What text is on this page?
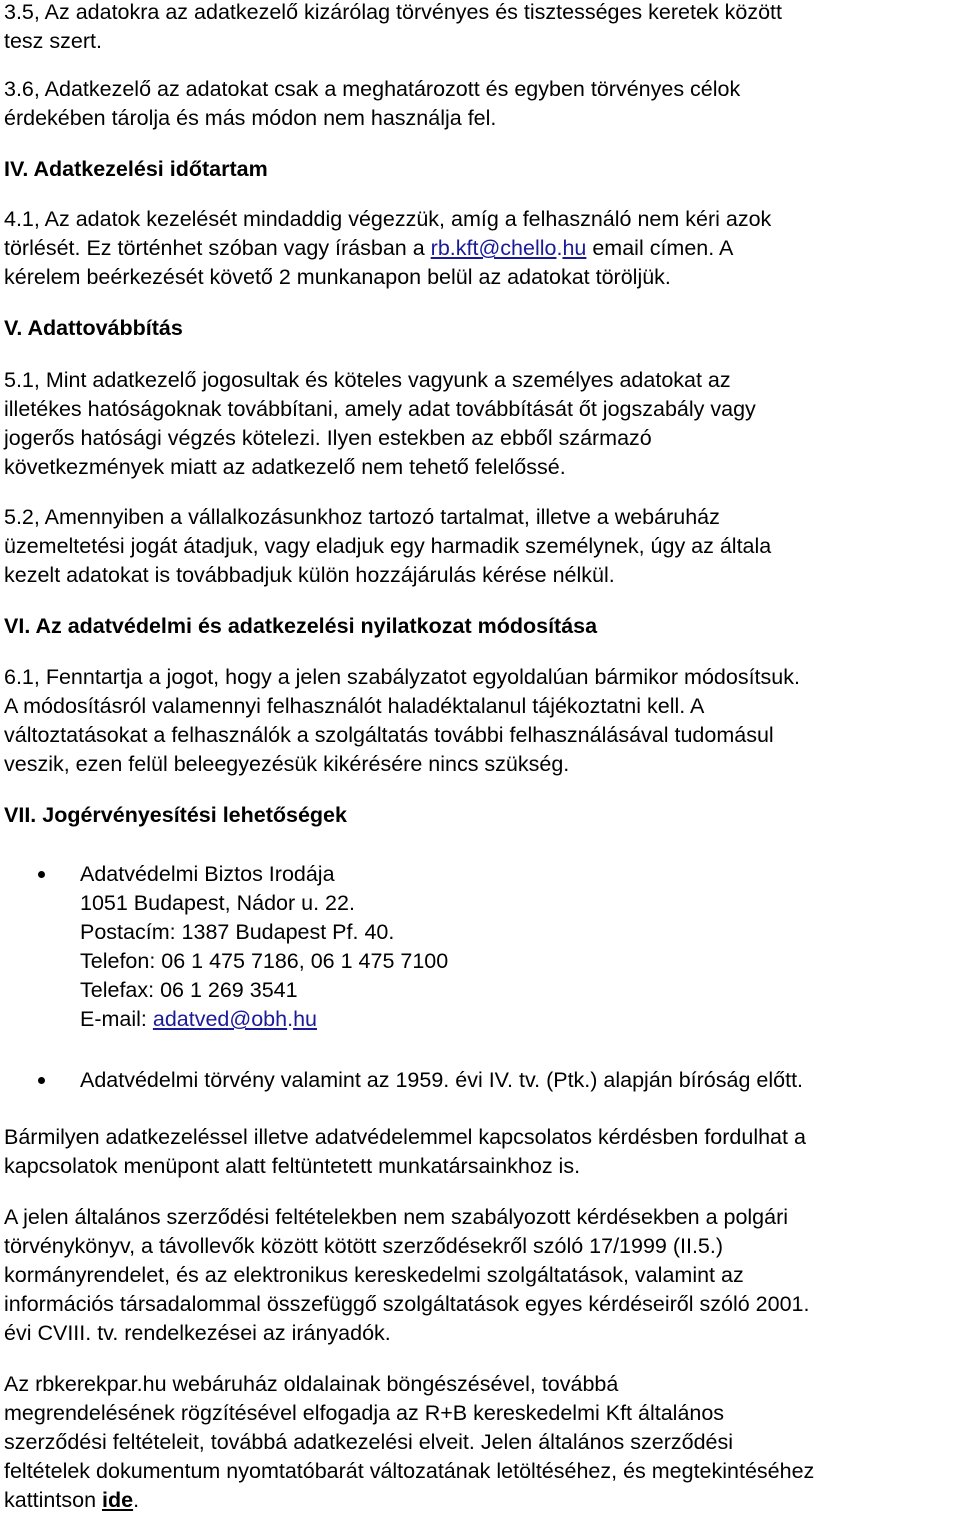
3.5, Az adatokra az adatkezelő kizárólag törvényes és tisztességes keretek között
tesz szert.

3.6, Adatkezelő az adatokat csak a meghatározott és egyben törvényes célok
érdekében tárolja és más módon nem használja fel.

IV. Adatkezelési időtartam

4.1, Az adatok kezelését mindaddig végezzük, amíg a felhasználó nem kéri azok
törlését. Ez történhet szóban vagy írásban a rb.kft@chello.hu email címen. A
kérelem beérkezését követő 2 munkanapon belül az adatokat töröljük.

V. Adattovábbítás

5.1, Mint adatkezelő jogosultak és köteles vagyunk a személyes adatokat az
illetékes hatóságoknak továbbítani, amely adat továbbítását őt jogszabály vagy
jogerős hatósági végzés kötelezi. Ilyen estekben az ebből származó
következmények miatt az adatkezelő nem tehető felelőssé.

5.2, Amennyiben a vállalkozásunkhoz tartozó tartalmat, illetve a webáruház
üzemeltetési jogát átadjuk, vagy eladjuk egy harmadik személynek, úgy az általa
kezelt adatokat is továbbadjuk külön hozzájárulás kérése nélkül.

VI. Az adatvédelmi és adatkezelési nyilatkozat módosítása

6.1, Fenntartja a jogot, hogy a jelen szabályzatot egyoldalúan bármikor módosítsuk.
A módosításról valamennyi felhasználót haladéktalanul tájékoztatni kell. A
változtatásokat a felhasználók a szolgáltatás további felhasználásával tudomásul
veszik, ezen felül beleegyezésük kikérésére nincs szükség.

VII. Jogérvényesítési lehetőségek

Adatvédelmi Biztos Irodája
1051 Budapest, Nádor u. 22.
Postacím: 1387 Budapest Pf. 40.
Telefon: 06 1 475 7186, 06 1 475 7100
Telefax: 06 1 269 3541
E-mail: adatved@obh.hu

Adatvédelmi törvény valamint az 1959. évi IV. tv. (Ptk.) alapján bíróság előtt.

Bármilyen adatkezeléssel illetve adatvédelemmel kapcsolatos kérdésben fordulhat a
kapcsolatok menüpont alatt feltüntetett munkatársainkhoz is.

A jelen általános szerződési feltételekben nem szabályozott kérdésekben a polgári
törvénykönyv, a távollevők között kötött szerződésekről szóló 17/1999 (II.5.)
kormányrendelet, és az elektronikus kereskedelmi szolgáltatások, valamint az
információs társadalommal összefüggő szolgáltatások egyes kérdéseiről szóló 2001.
évi CVIII. tv. rendelkezései az irányadók.

Az rbkerekpar.hu webáruház oldalainak böngészésével, továbbá
megrendelésének rögzítésével elfogadja az R+B kereskedelmi Kft általános
szerződési feltételeit, továbbá adatkezelési elveit. Jelen általános szerződési
feltételek dokumentum nyomtatóbarát változatának letöltéséhez, és megtekintéséhez
kattintson ide.
